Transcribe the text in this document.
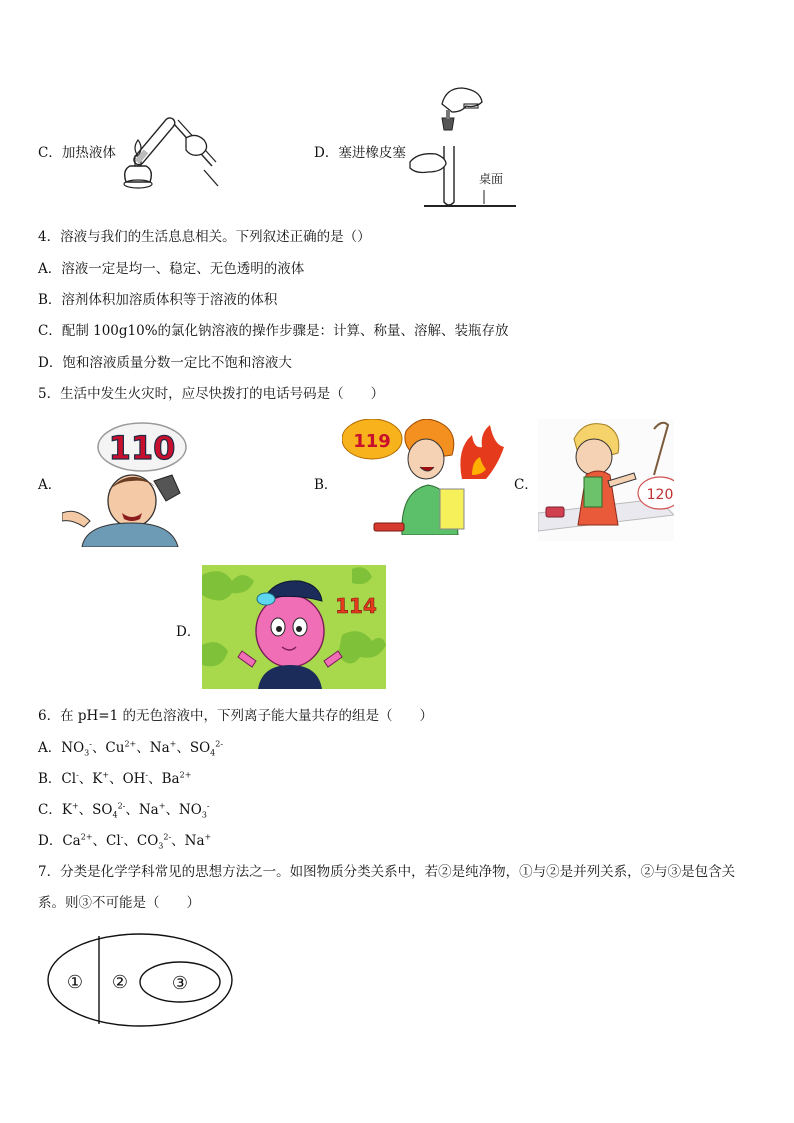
C．加热液体	D．塞进橡皮塞
桌面
4．溶液与我们的生活息息相关。下列叙述正确的是（）
A．溶液一定是均一、稳定、无色透明的液体
B．溶剂体积加溶质体积等于溶液的体积
C．配制 100g10%的氯化钠溶液的操作步骤是：计算、称量、溶解、装瓶存放
D．饱和溶液质量分数一定比不饱和溶液大
5．生活中发生火灾时，应尽快拨打的电话号码是（　　）
A．
110
B．
119
C．
120
D．
114
6．在 pH=1 的无色溶液中，下列离子能大量共存的组是（　　）
A．$NO_3^-$、$Cu^{2+}$、Na+、$SO_4^{2-}$
B．Cl-、K+、OH-、$Ba^{2+}$
C．K+、$SO_4^{2-}$、Na+、$NO_3^-$
D．$Ca^{2+}$、Cl-、$CO_3^{2-}$、Na+
7．分类是化学学科常见的思想方法之一。如图物质分类关系中，若②是纯净物，①与②是并列关系，②与③是包含关
系。则③不可能是（　　）
① ② ③
